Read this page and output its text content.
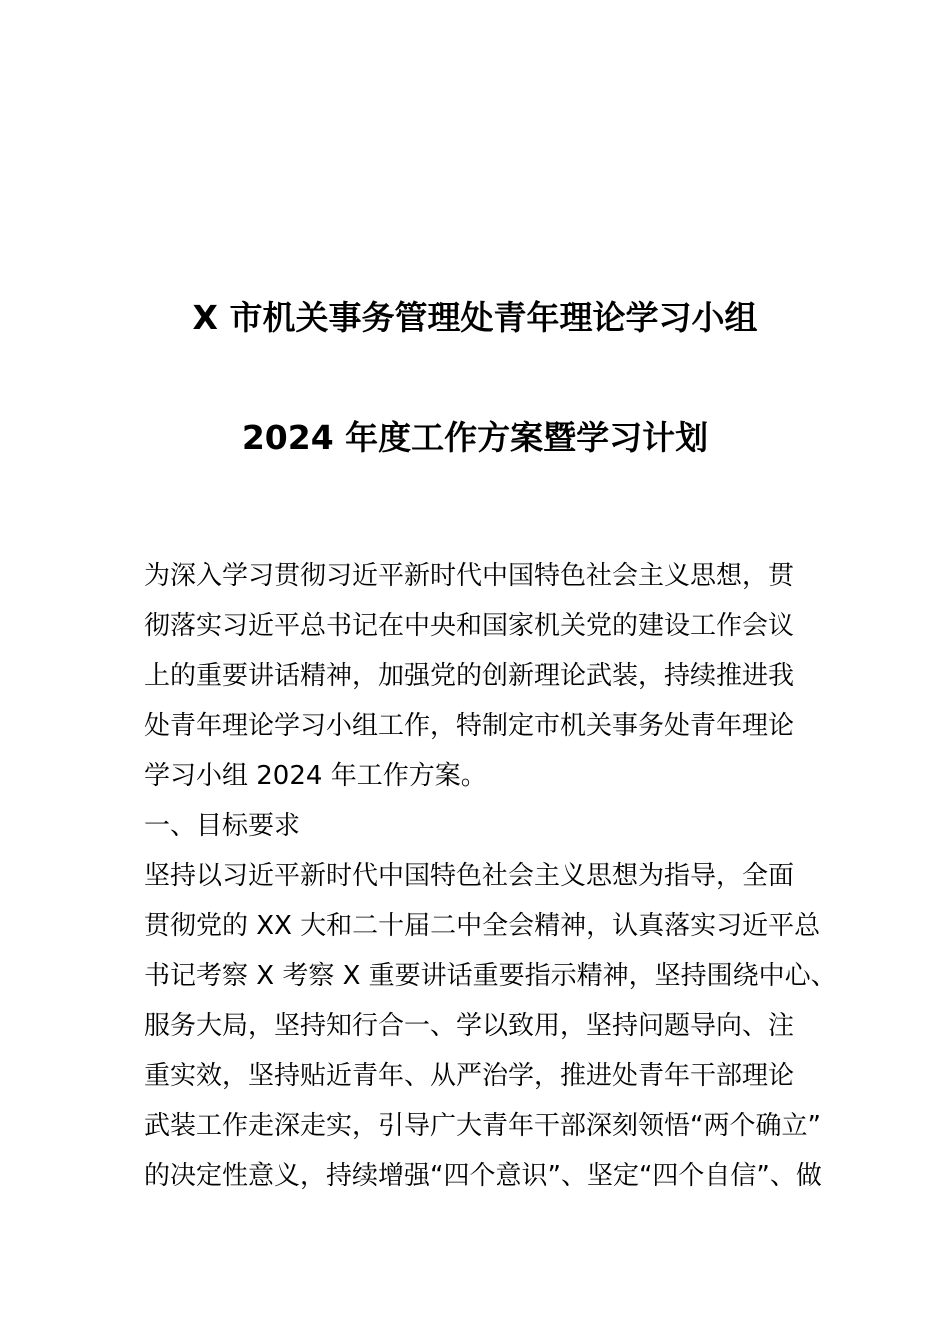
X 市机关事务管理处青年理论学习小组
2024 年度工作方案暨学习计划
为深入学习贯彻习近平新时代中国特色社会主义思想，贯
彻落实习近平总书记在中央和国家机关党的建设工作会议
上的重要讲话精神，加强党的创新理论武装，持续推进我
处青年理论学习小组工作，特制定市机关事务处青年理论
学习小组 2024 年工作方案。
一、目标要求
坚持以习近平新时代中国特色社会主义思想为指导，全面
贯彻党的 XX 大和二十届二中全会精神，认真落实习近平总
书记考察 X 考察 X 重要讲话重要指示精神，坚持围绕中心、
服务大局，坚持知行合一、学以致用，坚持问题导向、注
重实效，坚持贴近青年、从严治学，推进处青年干部理论
武装工作走深走实，引导广大青年干部深刻领悟“两个确立”
的决定性意义，持续增强“四个意识”、坚定“四个自信”、做
